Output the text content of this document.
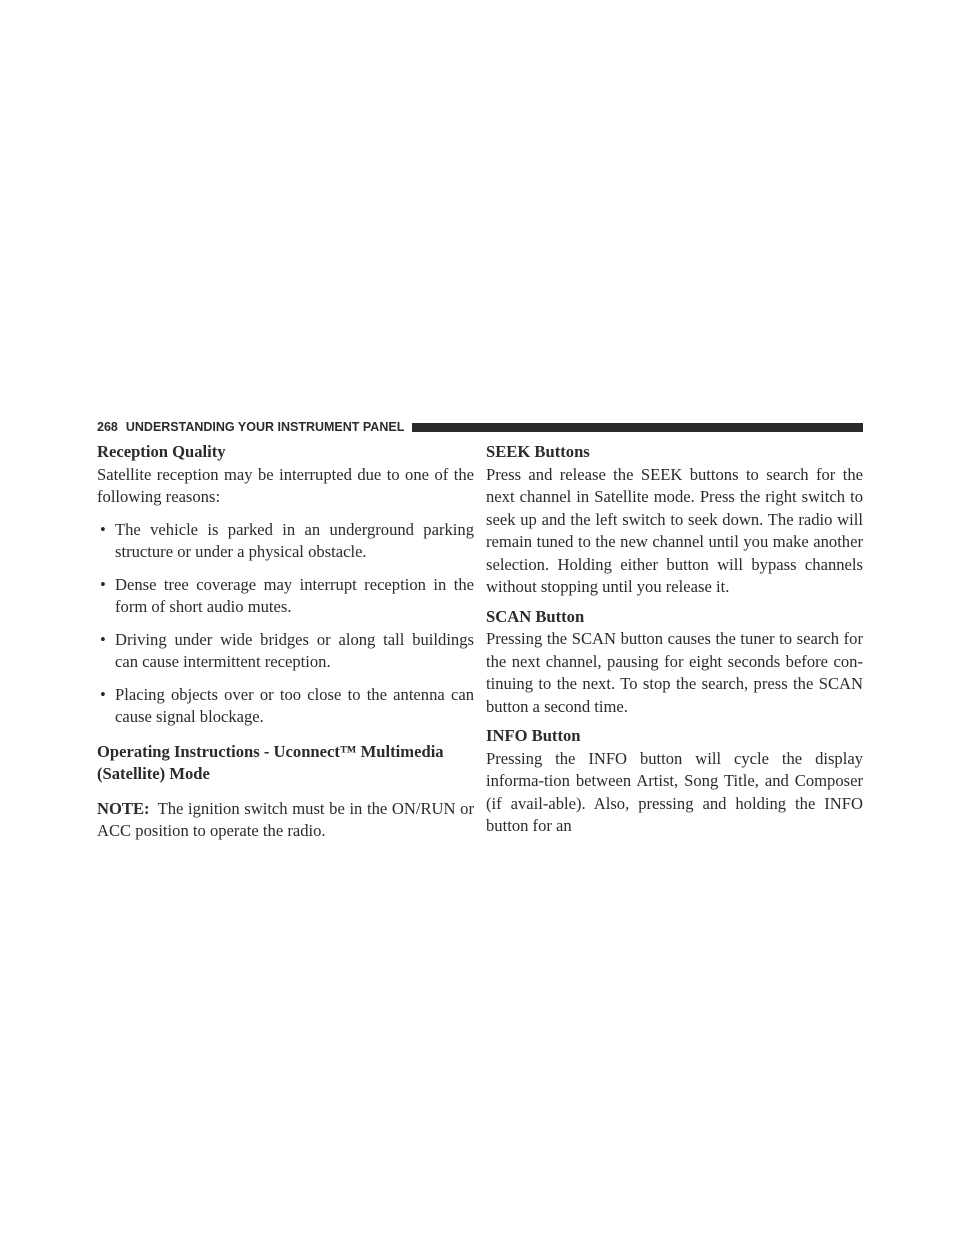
268 UNDERSTANDING YOUR INSTRUMENT PANEL
Reception Quality

Satellite reception may be interrupted due to one of the following reasons:

• The vehicle is parked in an underground parking structure or under a physical obstacle.
• Dense tree coverage may interrupt reception in the form of short audio mutes.
• Driving under wide bridges or along tall buildings can cause intermittent reception.
• Placing objects over or too close to the antenna can cause signal blockage.
Operating Instructions - Uconnect™ Multimedia (Satellite) Mode

NOTE: The ignition switch must be in the ON/RUN or ACC position to operate the radio.

SEEK Buttons

Press and release the SEEK buttons to search for the next channel in Satellite mode. Press the right switch to seek up and the left switch to seek down. The radio will remain tuned to the new channel until you make another selection. Holding either button will bypass channels without stopping until you release it.

SCAN Button

Pressing the SCAN button causes the tuner to search for the next channel, pausing for eight seconds before con-tinuing to the next. To stop the search, press the SCAN button a second time.

INFO Button

Pressing the INFO button will cycle the display informa-tion between Artist, Song Title, and Composer (if avail-able). Also, pressing and holding the INFO button for an
